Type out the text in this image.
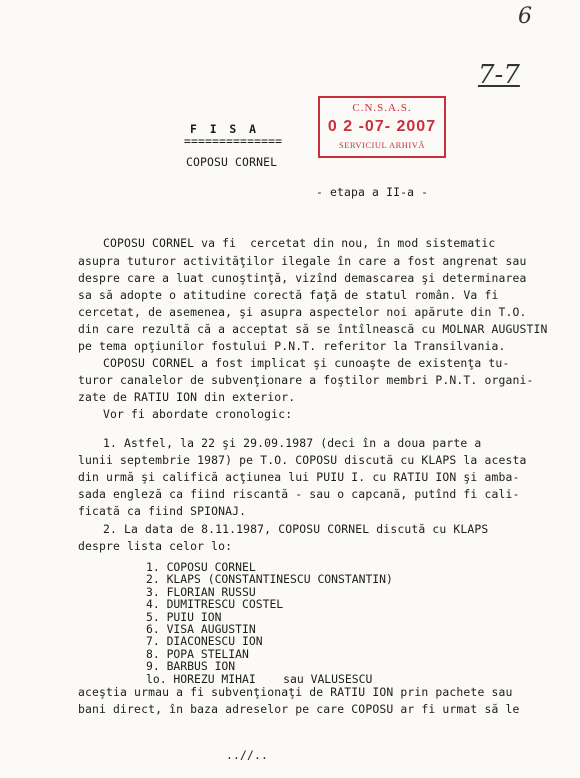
6
7-7
C.N.S.A.S.
0 2 -07- 2007
SERVICIUL ARHIVĂ
F I S A
==============
COPOSU CORNEL
- etapa a II-a -
COPOSU CORNEL va fi  cercetat din nou, în mod sistematic
asupra tuturor activităţilor ilegale în care a fost angrenat sau
despre care a luat cunoştinţă, vizînd demascarea şi determinarea
sa să adopte o atitudine corectă faţă de statul român. Va fi
cercetat, de asemenea, şi asupra aspectelor noi apărute din T.O.
din care rezultă că a acceptat să se întîlnească cu MOLNAR AUGUSTIN
pe tema opţiunilor fostului P.N.T. referitor la Transilvania.
COPOSU CORNEL a fost implicat şi cunoaşte de existenţa tu-
turor canalelor de subvenţionare a foştilor membri P.N.T. organi-
zate de RATIU ION din exterior.
Vor fi abordate cronologic:
1. Astfel, la 22 şi 29.09.1987 (deci în a doua parte a
lunii septembrie 1987) pe T.O. COPOSU discută cu KLAPS la acesta
din urmă şi califică acţiunea lui PUIU I. cu RATIU ION şi amba-
sada engleză ca fiind riscantă - sau o capcană, putînd fi cali-
ficată ca fiind SPIONAJ.
2. La data de 8.11.1987, COPOSU CORNEL discută cu KLAPS
despre lista celor lo:
1. COPOSU CORNEL
2. KLAPS (CONSTANTINESCU CONSTANTIN)
3. FLORIAN RUSSU
4. DUMITRESCU COSTEL
5. PUIU ION
6. VISA AUGUSTIN
7. DIACONESCU ION
8. POPA STELIAN
9. BARBUS ION
lo. HOREZU MIHAI    sau VALUSESCU
aceştia urmau a fi subvenţionaţi de RATIU ION prin pachete sau
bani direct, în baza adreselor pe care COPOSU ar fi urmat să le
..//..
